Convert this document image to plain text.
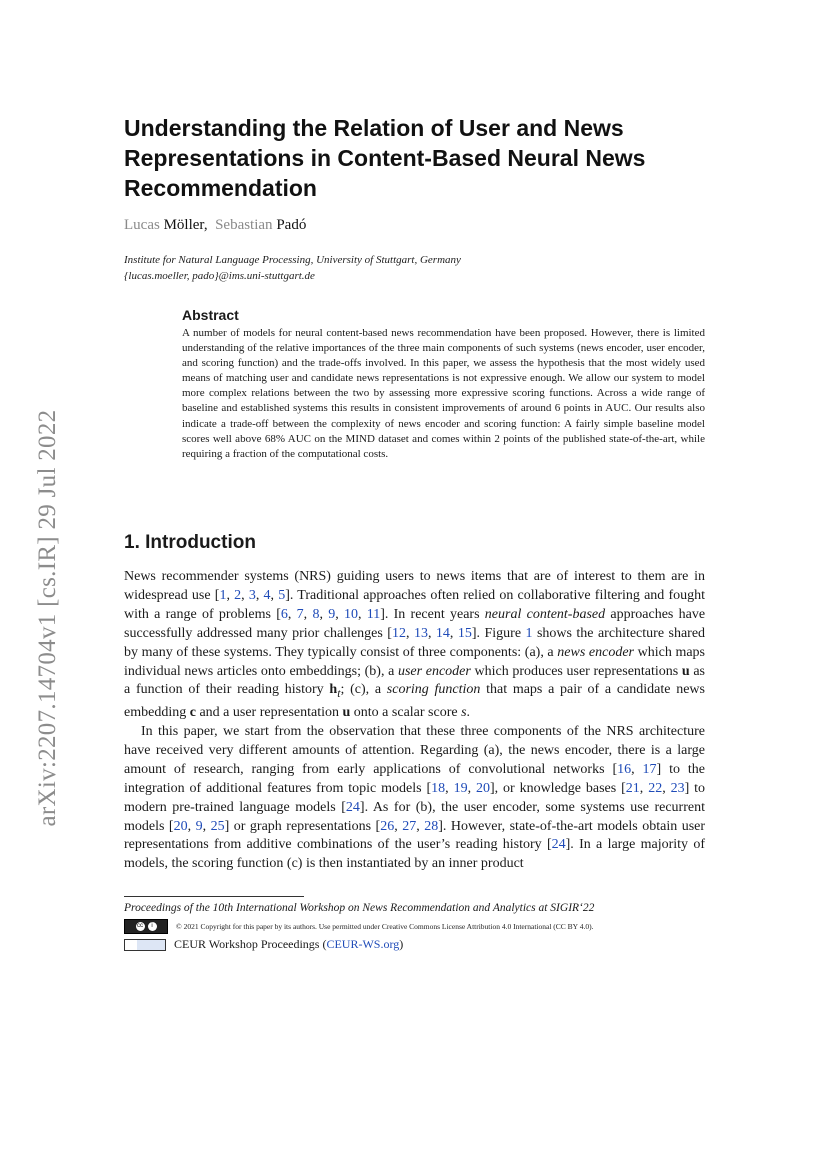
arXiv:2207.14704v1 [cs.IR] 29 Jul 2022
Understanding the Relation of User and News Representations in Content-Based Neural News Recommendation
Lucas Möller, Sebastian Padó
Institute for Natural Language Processing, University of Stuttgart, Germany
{lucas.moeller, pado}@ims.uni-stuttgart.de
Abstract

A number of models for neural content-based news recommendation have been proposed. However, there is limited understanding of the relative importances of the three main components of such systems (news encoder, user encoder, and scoring function) and the trade-offs involved. In this paper, we assess the hypothesis that the most widely used means of matching user and candidate news representations is not expressive enough. We allow our system to model more complex relations between the two by assessing more expressive scoring functions. Across a wide range of baseline and established systems this results in consistent improvements of around 6 points in AUC. Our results also indicate a trade-off between the complexity of news encoder and scoring function: A fairly simple baseline model scores well above 68% AUC on the MIND dataset and comes within 2 points of the published state-of-the-art, while requiring a fraction of the computational costs.

1. Introduction

News recommender systems (NRS) guiding users to news items that are of interest to them are in widespread use [1, 2, 3, 4, 5]. Traditional approaches often relied on collaborative filtering and fought with a range of problems [6, 7, 8, 9, 10, 11]. In recent years neural content-based approaches have successfully addressed many prior challenges [12, 13, 14, 15]. Figure 1 shows the architecture shared by many of these systems. They typically consist of three components: (a), a news encoder which maps individual news articles onto embeddings; (b), a user encoder which produces user representations u as a function of their reading history $h_t$; (c), a scoring function that maps a pair of a candidate news embedding c and a user representation u onto a scalar score s.

In this paper, we start from the observation that these three components of the NRS architecture have received very different amounts of attention. Regarding (a), the news encoder, there is a large amount of research, ranging from early applications of convolutional networks [16, 17] to the integration of additional features from topic models [18, 19, 20], or knowledge bases [21, 22, 23] to modern pre-trained language models [24]. As for (b), the user encoder, some systems use recurrent models [20, 9, 25] or graph representations [26, 27, 28]. However, state-of-the-art models obtain user representations from additive combinations of the user’s reading history [24]. In a large majority of models, the scoring function (c) is then instantiated by an inner product

Proceedings of the 10th International Workshop on News Recommendation and Analytics at SIGIR‘22

cc	i	© 2021 Copyright for this paper by its authors. Use permitted under Creative Commons License Attribution 4.0 International (CC BY 4.0).
CEUR Workshop Proceedings (CEUR-WS.org)
